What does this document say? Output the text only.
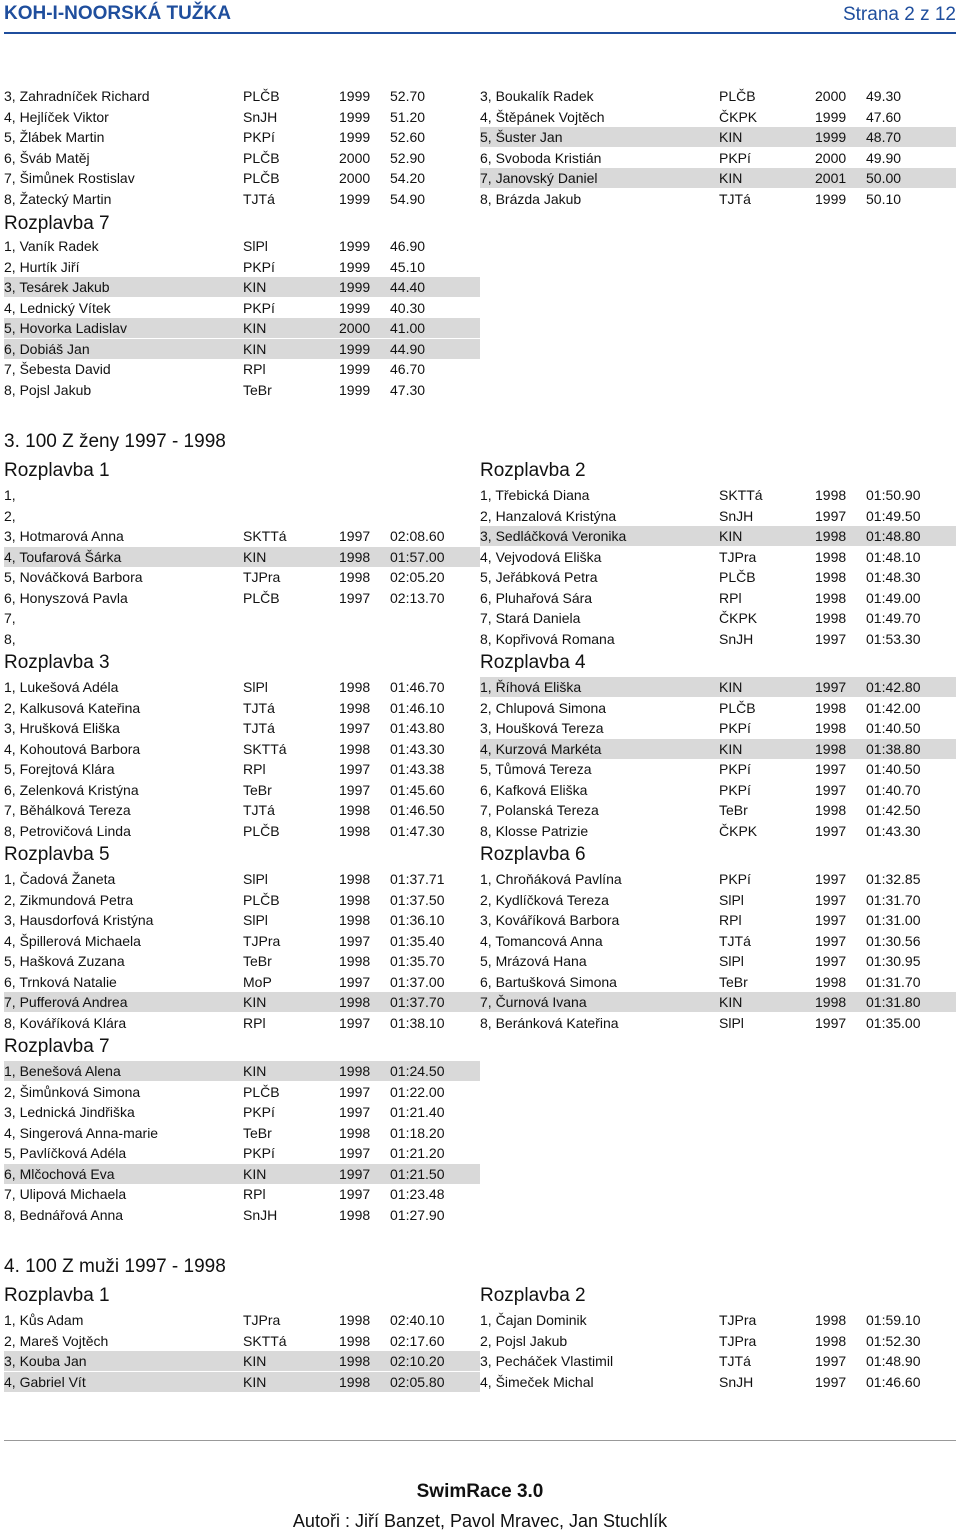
KOH-I-NOORSKÁ TUŽKA	Strana 2 z 12
3, Zahradníček Richard	PLČB	1999 52.70
4, Hejlíček Viktor	SnJH	1999 51.20
5, Žlábek Martin	PKPí	1999 52.60
6, Šváb Matěj	PLČB	2000 52.90
7, Šimůnek Rostislav	PLČB	2000 54.20
8, Žatecký Martin	TJTá	1999 54.90
3, Boukalík Radek	PLČB	2000 49.30
4, Štěpánek Vojtěch	ČKPK	1999 47.60
5, Šuster Jan	KIN	1999 48.70
6, Svoboda Kristián	PKPí	2000 49.90
7, Janovský Daniel	KIN	2001 50.00
8, Brázda Jakub	TJTá	1999 50.10
Rozplavba 7
1, Vaník Radek	SlPl	1999 46.90
2, Hurtík Jiří	PKPí	1999 45.10
3, Tesárek Jakub	KIN	1999 44.40
4, Lednický Vítek	PKPí	1999 40.30
5, Hovorka Ladislav	KIN	2000 41.00
6, Dobiáš Jan	KIN	1999 44.90
7, Šebesta David	RPl	1999 46.70
8, Pojsl Jakub	TeBr	1999 47.30
3. 100 Z ženy 1997 - 1998
Rozplavba 1	Rozplavba 2
1,
2,
3, Hotmarová Anna	SKTTá	1997 02:08.60
4, Toufarová Šárka	KIN	1998 01:57.00
5, Nováčková Barbora	TJPra	1998 02:05.20
6, Honyszová Pavla	PLČB	1997 02:13.70
7,
8,
1, Třebická Diana	SKTTá	1998 01:50.90
2, Hanzalová Kristýna	SnJH	1997 01:49.50
3, Sedláčková Veronika	KIN	1998 01:48.80
4, Vejvodová Eliška	TJPra	1998 01:48.10
5, Jeřábková Petra	PLČB	1998 01:48.30
6, Pluhařová Sára	RPl	1998 01:49.00
7, Stará Daniela	ČKPK	1998 01:49.70
8, Kopřivová Romana	SnJH	1997 01:53.30
Rozplavba 3	Rozplavba 4
1, Lukešová Adéla	SlPl	1998 01:46.70
2, Kalkusová Kateřina	TJTá	1998 01:46.10
3, Hrušková Eliška	TJTá	1997 01:43.80
4, Kohoutová Barbora	SKTTá	1998 01:43.30
5, Forejtová Klára	RPl	1997 01:43.38
6, Zelenková Kristýna	TeBr	1997 01:45.60
7, Běhálková Tereza	TJTá	1998 01:46.50
8, Petrovičová Linda	PLČB	1998 01:47.30
1, Říhová Eliška	KIN	1997 01:42.80
2, Chlupová Simona	PLČB	1998 01:42.00
3, Houšková Tereza	PKPí	1998 01:40.50
4, Kurzová Markéta	KIN	1998 01:38.80
5, Tůmová Tereza	PKPí	1997 01:40.50
6, Kafková Eliška	PKPí	1997 01:40.70
7, Polanská Tereza	TeBr	1998 01:42.50
8, Klosse Patrizie	ČKPK	1997 01:43.30
Rozplavba 5	Rozplavba 6
1, Čadová Žaneta	SlPl	1998 01:37.71
2, Zikmundová Petra	PLČB	1998 01:37.50
3, Hausdorfová Kristýna	SlPl	1998 01:36.10
4, Špillerová Michaela	TJPra	1997 01:35.40
5, Hašková Zuzana	TeBr	1998 01:35.70
6, Trnková Natalie	MoP	1997 01:37.00
7, Pufferová Andrea	KIN	1998 01:37.70
8, Kováříková Klára	RPl	1997 01:38.10
1, Chroňáková Pavlína	PKPí	1997 01:32.85
2, Kydlíčková Tereza	SlPl	1997 01:31.70
3, Kováříková Barbora	RPl	1997 01:31.00
4, Tomancová Anna	TJTá	1997 01:30.56
5, Mrázová Hana	SlPl	1997 01:30.95
6, Bartušková Simona	TeBr	1998 01:31.70
7, Čurnová Ivana	KIN	1998 01:31.80
8, Beránková Kateřina	SlPl	1997 01:35.00
Rozplavba 7
1, Benešová Alena	KIN	1998 01:24.50
2, Šimůnková Simona	PLČB	1997 01:22.00
3, Lednická Jindřiška	PKPí	1997 01:21.40
4, Singerová Anna-marie	TeBr	1998 01:18.20
5, Pavlíčková Adéla	PKPí	1997 01:21.20
6, Mlčochová Eva	KIN	1997 01:21.50
7, Ulipová Michaela	RPl	1997 01:23.48
8, Bednářová Anna	SnJH	1998 01:27.90
4. 100 Z muži 1997 - 1998
Rozplavba 1	Rozplavba 2
1, Kůs Adam	TJPra	1998 02:40.10
2, Mareš Vojtěch	SKTTá	1998 02:17.60
3, Kouba Jan	KIN	1998 02:10.20
4, Gabriel Vít	KIN	1998 02:05.80
1, Čajan Dominik	TJPra	1998 01:59.10
2, Pojsl Jakub	TJPra	1998 01:52.30
3, Pecháček Vlastimil	TJTá	1997 01:48.90
4, Šimeček Michal	SnJH	1997 01:46.60
SwimRace 3.0
Autoři : Jiří Banzet, Pavol Mravec, Jan Stuchlík
